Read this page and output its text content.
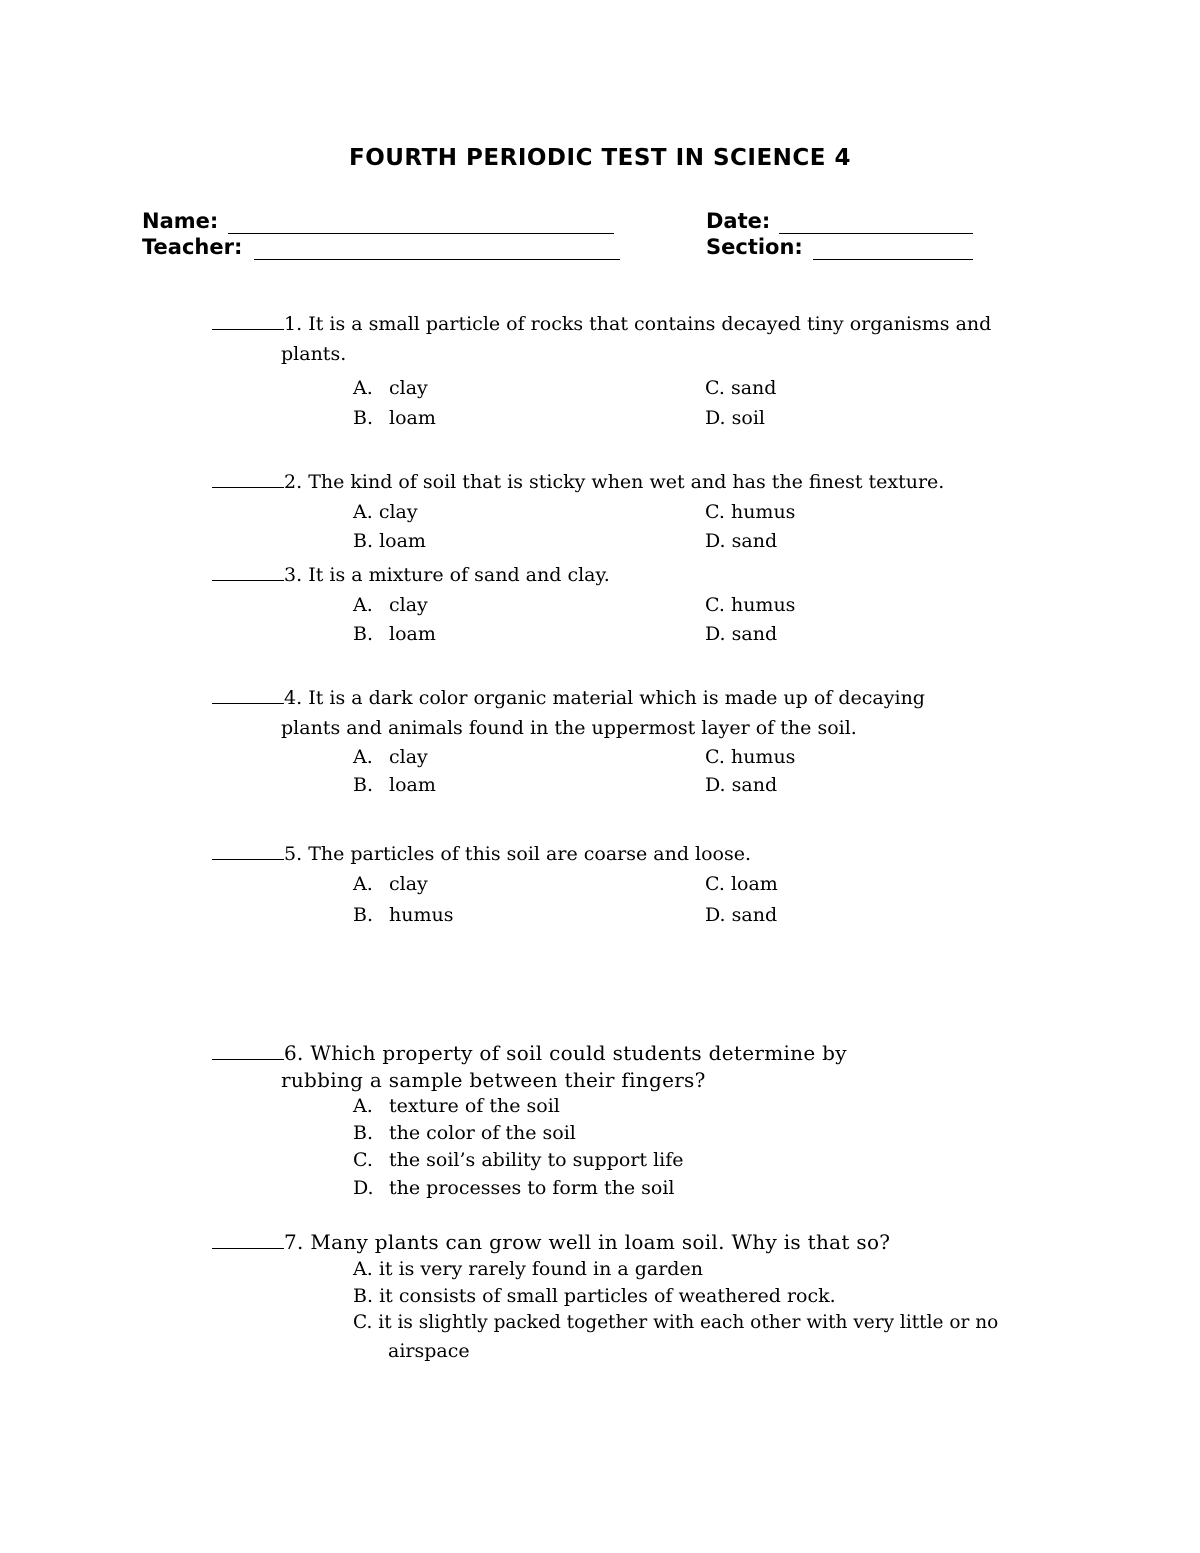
FOURTH PERIODIC TEST IN SCIENCE 4
Name:	Date:
Teacher:	Section:
1. It is a small particle of rocks that contains decayed tiny organisms and
plants.
A. clay
B. loam
C. sand
D. soil
2. The kind of soil that is sticky when wet and has the finest texture.
A. clay
B. loam
C. humus
D. sand
3. It is a mixture of sand and clay.
A. clay
B. loam
C. humus
D. sand
4. It is a dark color organic material which is made up of decaying
plants and animals found in the uppermost layer of the soil.
A. clay
B. loam
C. humus
D. sand
5. The particles of this soil are coarse and loose.
A. clay
B. humus
C. loam
D. sand
6. Which property of soil could students determine by
rubbing a sample between their fingers?
A. texture of the soil
B. the color of the soil
C. the soil’s ability to support life
D. the processes to form the soil
7. Many plants can grow well in loam soil. Why is that so?
A. it is very rarely found in a garden
B. it consists of small particles of weathered rock.
C. it is slightly packed together with each other with very little or no
airspace
